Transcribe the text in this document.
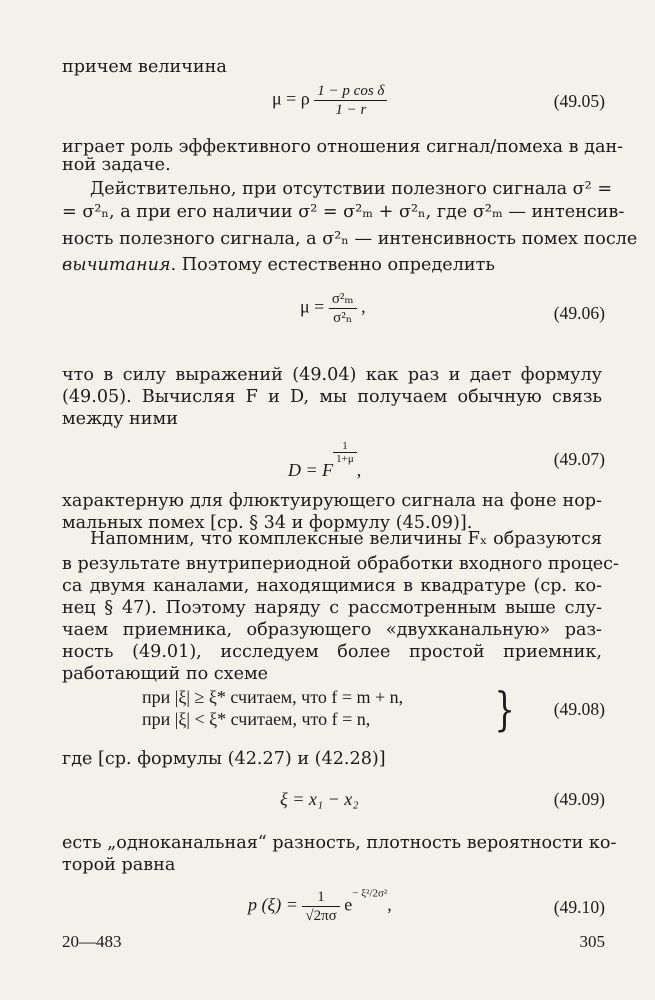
причем величина
μ = ρ $\frac{\text{1 − p cos δ}}{1 - r}$	(49.05)
играет роль эффективного отношения сигнал/помеха в дан-
ной задаче.
Действительно, при отсутствии полезного сигнала σ² =
= σ²ₙ, а при его наличии σ² = σ²ₘ + σ²ₙ, где σ²ₘ — интенсив-
ность полезного сигнала, а σ²ₙ — интенсивность помех после
вычитания. Поэтому естественно определить
$\mu = \frac{\text{σ²ₘ}}{\text{σ²ₙ}}$ ,	(49.06)
что в силу выражений (49.04) как раз и дает формулу
(49.05). Вычисляя F и D, мы получаем обычную связь
между ними
D = F
$\frac{1}{1+\mu}$
,
(49.07)
характерную для флюктуирующего сигнала на фоне нор-
мальных помех [ср. § 34 и формулу (45.09)].
Напомним, что комплексные величины Fₓ образуются
в результате внутрипериодной обработки входного процес-
са двумя каналами, находящимися в квадратуре (ср. ко-
нец § 47). Поэтому наряду с рассмотренным выше слу-
чаем приемника, образующего «двухканальную» раз-
ность (49.01), исследуем более простой приемник,
работающий по схеме
при |ξ| ≥ ξ* считаем, что f = m + n,
при |ξ| < ξ* считаем, что f = n,	} (49.08)
где [ср. формулы (42.27) и (42.28)]
ξ = x₁ − x₂	(49.09)
есть „одноканальная“ разность, плотность вероятности ко-
торой равна
p $(\xi) = \frac{1}{√2\pi\sigma} e^{- \xi^2/2\sigma^2}$,	(49.10)
20—483	305
